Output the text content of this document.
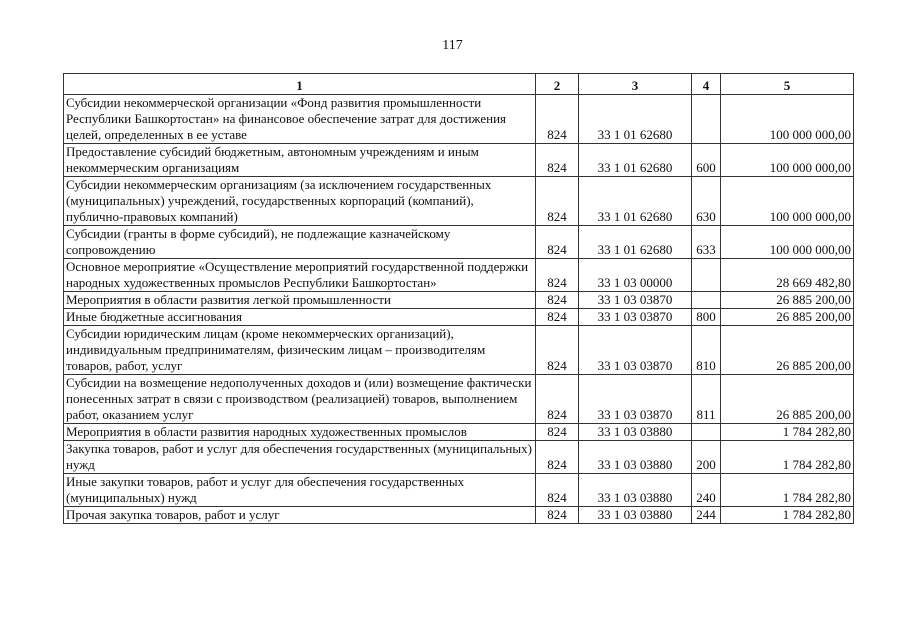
117
1	2	3	4	5
Субсидии некоммерческой организации «Фонд развития промышленности Республики Башкортостан» на финансовое обеспечение затрат для достижения целей, определенных в ее уставе	824	33 1 01 62680		100 000 000,00
Предоставление субсидий бюджетным, автономным учреждениям и иным некоммерческим организациям	824	33 1 01 62680	600	100 000 000,00
Субсидии некоммерческим организациям (за исключением государственных (муниципальных) учреждений, государственных корпораций (компаний), публично-правовых компаний)	824	33 1 01 62680	630	100 000 000,00
Субсидии (гранты в форме субсидий), не подлежащие казначейскому сопровождению	824	33 1 01 62680	633	100 000 000,00
Основное мероприятие «Осуществление мероприятий государственной поддержки народных художественных промыслов Республики Башкортостан»	824	33 1 03 00000		28 669 482,80
Мероприятия в области развития легкой промышленности	824	33 1 03 03870		26 885 200,00
Иные бюджетные ассигнования	824	33 1 03 03870	800	26 885 200,00
Субсидии юридическим лицам (кроме некоммерческих организаций), индивидуальным предпринимателям, физическим лицам – производителям товаров, работ, услуг	824	33 1 03 03870	810	26 885 200,00
Субсидии на возмещение недополученных доходов и (или) возмещение фактически понесенных затрат в связи с производством (реализацией) товаров, выполнением работ, оказанием услуг	824	33 1 03 03870	811	26 885 200,00
Мероприятия в области развития народных художественных промыслов	824	33 1 03 03880		1 784 282,80
Закупка товаров, работ и услуг для обеспечения государственных (муниципальных) нужд	824	33 1 03 03880	200	1 784 282,80
Иные закупки товаров, работ и услуг для обеспечения государственных (муниципальных) нужд	824	33 1 03 03880	240	1 784 282,80
Прочая закупка товаров, работ и услуг	824	33 1 03 03880	244	1 784 282,80
